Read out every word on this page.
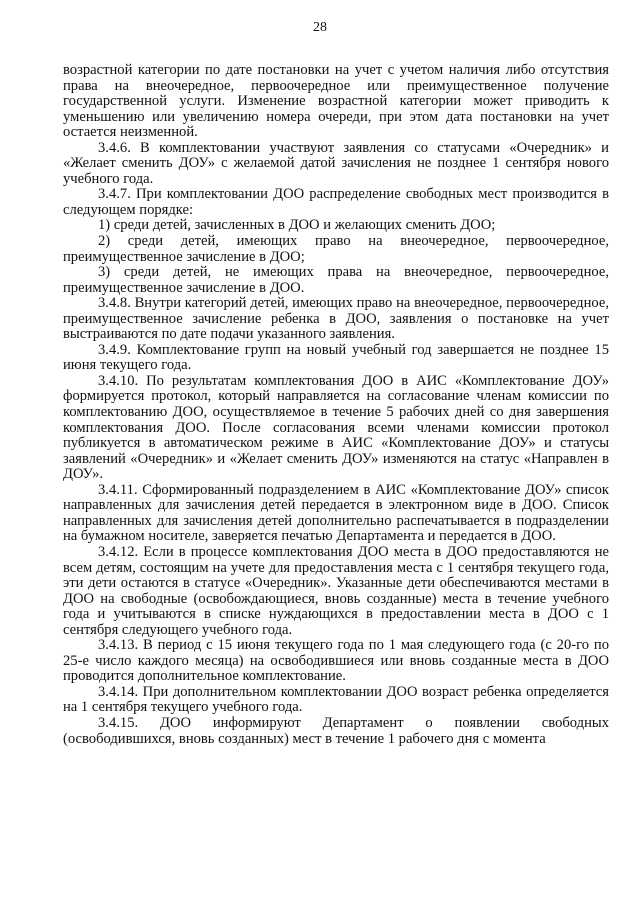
28

возрастной категории по дате постановки на учет с учетом наличия либо отсутствия права на внеочередное, первоочередное или преимущественное получение государственной услуги. Изменение возрастной категории может приводить к уменьшению или увеличению номера очереди, при этом дата постановки на учет остается неизменной.

3.4.6. В комплектовании участвуют заявления со статусами «Очередник» и «Желает сменить ДОУ» с желаемой датой зачисления не позднее 1 сентября нового учебного года.

3.4.7. При комплектовании ДОО распределение свободных мест производится в следующем порядке:

1) среди детей, зачисленных в ДОО и желающих сменить ДОО;

2) среди детей, имеющих право на внеочередное, первоочередное, преимущественное зачисление в ДОО;

3) среди детей, не имеющих права на внеочередное, первоочередное, преимущественное зачисление в ДОО.

3.4.8. Внутри категорий детей, имеющих право на внеочередное, первоочередное, преимущественное зачисление ребенка в ДОО, заявления о постановке на учет выстраиваются по дате подачи указанного заявления.

3.4.9. Комплектование групп на новый учебный год завершается не позднее 15 июня текущего года.

3.4.10. По результатам комплектования ДОО в АИС «Комплектование ДОУ» формируется протокол, который направляется на согласование членам комиссии по комплектованию ДОО, осуществляемое в течение 5 рабочих дней со дня завершения комплектования ДОО. После согласования всеми членами комиссии протокол публикуется в автоматическом режиме в АИС «Комплектование ДОУ» и статусы заявлений «Очередник» и «Желает сменить ДОУ» изменяются на статус «Направлен в ДОУ».

3.4.11. Сформированный подразделением в АИС «Комплектование ДОУ» список направленных для зачисления детей передается в электронном виде в ДОО. Список направленных для зачисления детей дополнительно распечатывается в подразделении на бумажном носителе, заверяется печатью Департамента и передается в ДОО.

3.4.12. Если в процессе комплектования ДОО места в ДОО предоставляются не всем детям, состоящим на учете для предоставления места с 1 сентября текущего года, эти дети остаются в статусе «Очередник». Указанные дети обеспечиваются местами в ДОО на свободные (освобождающиеся, вновь созданные) места в течение учебного года и учитываются в списке нуждающихся в предоставлении места в ДОО с 1 сентября следующего учебного года.

3.4.13. В период с 15 июня текущего года по 1 мая следующего года (с 20-го по 25-е число каждого месяца) на освободившиеся или вновь созданные места в ДОО проводится дополнительное комплектование.

3.4.14. При дополнительном комплектовании ДОО возраст ребенка определяется на 1 сентября текущего учебного года.

3.4.15. ДОО информируют Департамент о появлении свободных (освободившихся, вновь созданных) мест в течение 1 рабочего дня с момента
